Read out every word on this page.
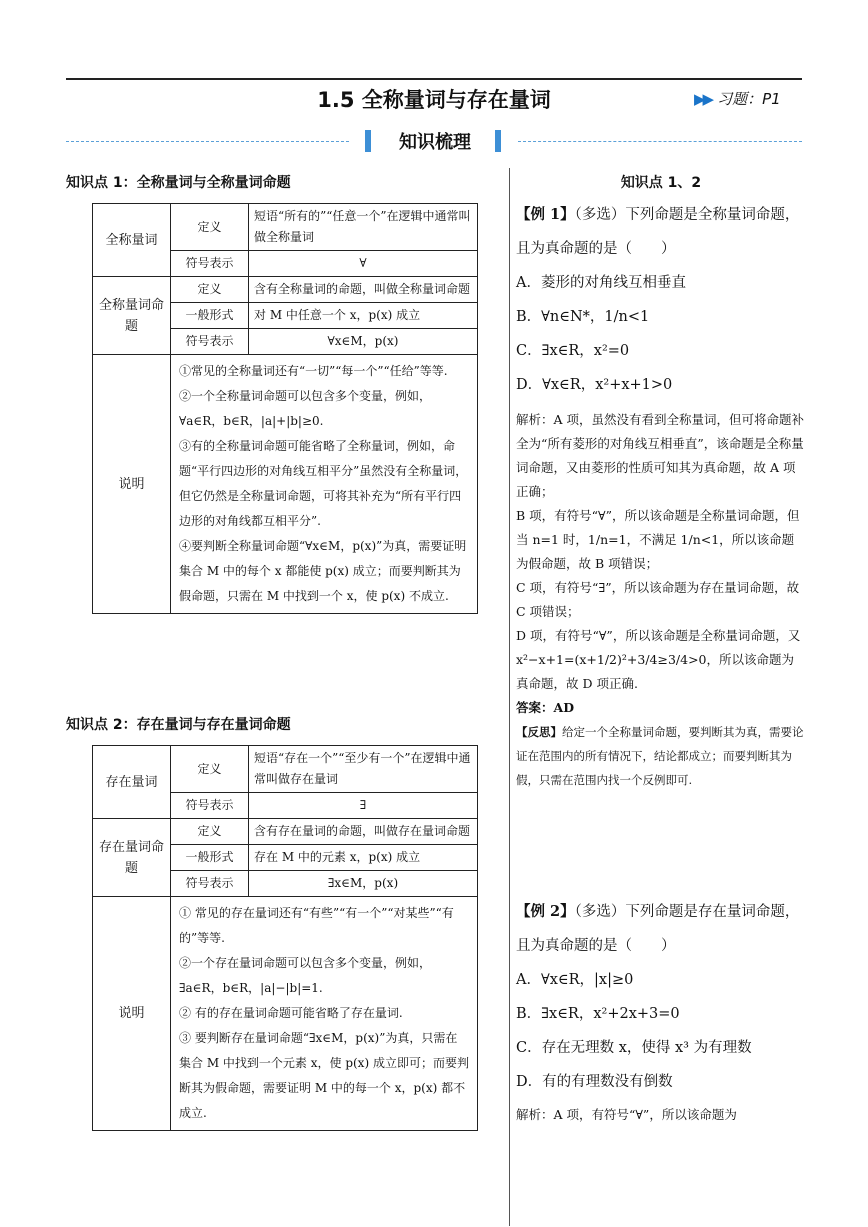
1.5 全称量词与存在量词	▶▶ 习题：P1
知识梳理
知识点 1：全称量词与全称量词命题
全称量词	定义	短语“所有的”“任意一个”在逻辑中通常叫做全称量词
	符号表示	∀
全称量词命题	定义	含有全称量词的命题，叫做全称量词命题
	一般形式	对 M 中任意一个 x，p(x) 成立
	符号表示	∀x∈M，p(x)
说明	①常见的全称量词还有“一切”“每一个”“任给”等等.

②一个全称量词命题可以包含多个变量，例如，∀a∈R，b∈R，|a|+|b|≥0.

③有的全称量词命题可能省略了全称量词，例如，命题“平行四边形的对角线互相平分”虽然没有全称量词，但它仍然是全称量词命题，可将其补充为“所有平行四边形的对角线都互相平分”.

④要判断全称量词命题“∀x∈M，p(x)”为真，需要证明集合 M 中的每个 x 都能使 p(x) 成立；而要判断其为假命题，只需在 M 中找到一个 x，使 p(x) 不成立.	

知识点 2：存在量词与存在量词命题
存在量词	定义	短语“存在一个”“至少有一个”在逻辑中通常叫做存在量词
	符号表示	∃
存在量词命题	定义	含有存在量词的命题，叫做存在量词命题
	一般形式	存在 M 中的元素 x，p(x) 成立
	符号表示	∃x∈M，p(x)
说明	① 常见的存在量词还有“有些”“有一个”“对某些”“有的”等等.

②一个存在量词命题可以包含多个变量，例如，∃a∈R，b∈R，|a|−|b|=1.

② 有的存在量词命题可能省略了存在量词.

③ 要判断存在量词命题“∃x∈M，p(x)”为真，只需在集合 M 中找到一个元素 x，使 p(x) 成立即可；而要判断其为假命题，需要证明 M 中的每一个 x，p(x) 都不成立.	

知识点 1、2

【例 1】（多选）下列命题是全称量词命题，且为真命题的是（　　）

A．菱形的对角线互相垂直

B．∀n∈N*，1/n<1

C．∃x∈R，x²=0

D．∀x∈R，x²+x+1>0

解析：A 项，虽然没有看到全称量词，但可将命题补全为“所有菱形的对角线互相垂直”，该命题是全称量词命题，又由菱形的性质可知其为真命题，故 A 项正确；

B 项，有符号“∀”，所以该命题是全称量词命题，但当 n=1 时，1/n=1，不满足 1/n<1，所以该命题为假命题，故 B 项错误；

C 项，有符号“∃”，所以该命题为存在量词命题，故 C 项错误；

D 项，有符号“∀”，所以该命题是全称量词命题，又 x²−x+1=(x+1/2)²+3/4≥3/4>0，所以该命题为真命题，故 D 项正确.

答案：AD

【反思】给定一个全称量词命题，要判断其为真，需要论证在范围内的所有情况下，结论都成立；而要判断其为假，只需在范围内找一个反例即可.

【例 2】（多选）下列命题是存在量词命题，且为真命题的是（　　）

A．∀x∈R，|x|≥0

B．∃x∈R，x²+2x+3=0

C．存在无理数 x，使得 x³ 为有理数

D．有的有理数没有倒数

解析：A 项，有符号“∀”，所以该命题为
